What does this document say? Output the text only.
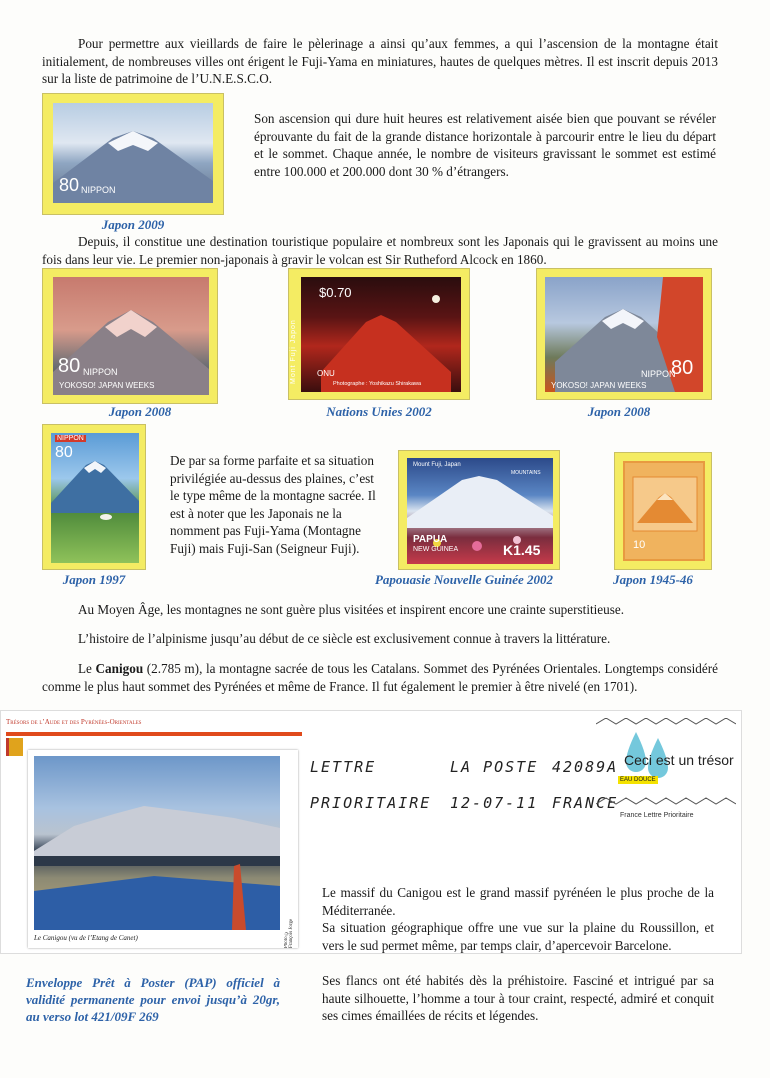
Pour permettre aux vieillards de faire le pèlerinage a ainsi qu’aux femmes, a qui l’ascension de la montagne était initialement, de nombreuses villes ont érigent le Fuji-Yama en miniatures, hautes de quelques mètres. Il est inscrit depuis 2013 sur la liste de patrimoine de l’U.N.E.S.C.O.
80 NIPPON
Japon 2009
Son ascension qui dure huit heures est relativement aisée bien que pouvant se révéler éprouvante du fait de la grande distance horizontale à parcourir entre le lieu du départ et le sommet. Chaque année, le nombre de visiteurs gravissant le sommet est estimé entre 100.000 et 200.000 dont 30 % d’étrangers.
Depuis, il constitue une destination touristique populaire et nombreux sont les Japonais qui le gravissent au moins une fois dans leur vie. Le premier non-japonais à gravir le volcan est Sir Rutheford Alcock en 1860.
80 NIPPON
YOKOSO! JAPAN WEEKS
Japon 2008
$0.70
ONU
Photographe : Yoshikazu Shirakawa
Mont Fuji Japon
Nations Unies 2002
80
NIPPON
YOKOSO! JAPAN WEEKS
Japon 2008
NIPPON
80
Japon 1997
De par sa forme parfaite et sa situation privilégiée au-dessus des plaines, c’est le type même de la montagne sacrée. Il est à noter que les Japonais ne la nomment pas Fuji-Yama (Montagne Fuji) mais Fuji-San (Seigneur Fuji).
Mount Fuji, Japan
MOUNTAINS
PAPUA
NEW GUINEA	K1.45
Papouasie Nouvelle Guinée 2002
10
Japon 1945-46
Au Moyen Âge, les montagnes ne sont guère plus visitées et inspirent encore une crainte superstitieuse.
L’histoire de l’alpinisme jusqu’au début de ce siècle est exclusivement connue à travers la littérature.
Le Canigou (2.785 m), la montagne sacrée de tous les Catalans. Sommet des Pyrénées Orientales. Longtemps considéré comme le plus haut sommet des Pyrénées et même de France. Il fut également le premier à être nivelé (en 1701).
Trésors de l’Aude et des Pyrénées-Orientales
Le Canigou (vu de l’Etang de Canet)	Photo © François Jorge
LETTRE	LA POSTE 42089A
PRIORITAIRE 12-07-11 FRANCE
Ceci est un trésor
EAU DOUCE
France Lettre Prioritaire
Le massif du Canigou est le grand massif pyrénéen le plus proche de la Méditerranée.
Sa situation géographique offre une vue sur la plaine du Roussillon, et vers le sud permet même, par temps clair, d’apercevoir Barcelone.
Ses flancs ont été habités dès la préhistoire. Fasciné et intrigué par sa haute silhouette, l’homme a tour à tour craint, respecté, admiré et conquit ses cimes émaillées de récits et légendes.
Enveloppe Prêt à Poster (PAP) officiel à validité permanente pour envoi jusqu’à 20gr, au verso lot 421/09F 269
